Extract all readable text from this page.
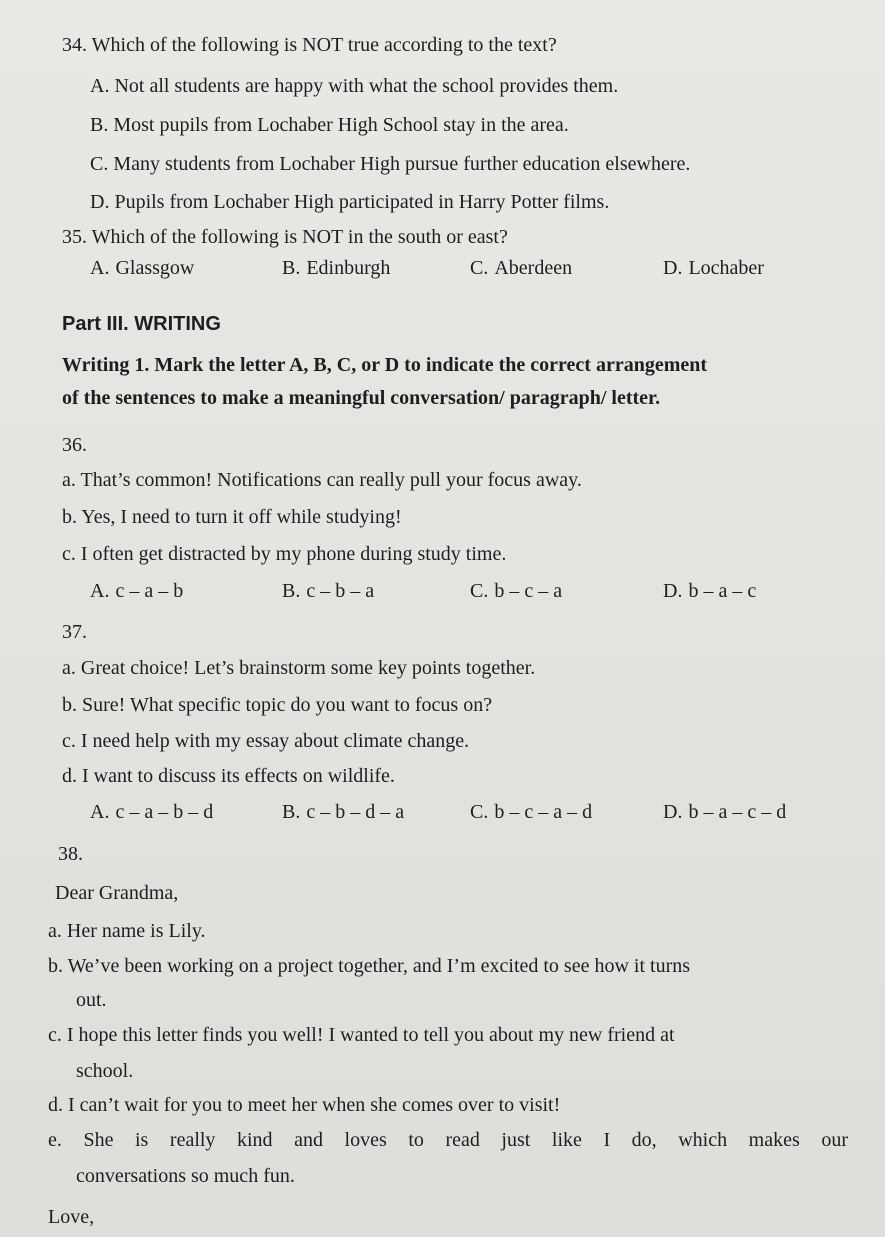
34. Which of the following is NOT true according to the text?

A. Not all students are happy with what the school provides them.

B. Most pupils from Lochaber High School stay in the area.

C. Many students from Lochaber High pursue further education elsewhere.

D. Pupils from Lochaber High participated in Harry Potter films.

35. Which of the following is NOT in the south or east?

A. Glassgow	B. Edinburgh	C. Aberdeen	D. Lochaber

Part III. WRITING

Writing 1. Mark the letter A, B, C, or D to indicate the correct arrangement

of the sentences to make a meaningful conversation/ paragraph/ letter.

36.

a. That’s common! Notifications can really pull your focus away.

b. Yes, I need to turn it off while studying!

c. I often get distracted by my phone during study time.

A. c – a – b	B. c – b – a	C. b – c – a	D. b – a – c

37.

a. Great choice! Let’s brainstorm some key points together.

b. Sure! What specific topic do you want to focus on?

c. I need help with my essay about climate change.

d. I want to discuss its effects on wildlife.

A. c – a – b – d	B. c – b – d – a	C. b – c – a – d	D. b – a – c – d

38.

Dear Grandma,

a. Her name is Lily.

b. We’ve been working on a project together, and I’m excited to see how it turns

out.

c. I hope this letter finds you well! I wanted to tell you about my new friend at

school.

d. I can’t wait for you to meet her when she comes over to visit!

e. She is really kind and loves to read just like I do, which makes our

conversations so much fun.

Love,
